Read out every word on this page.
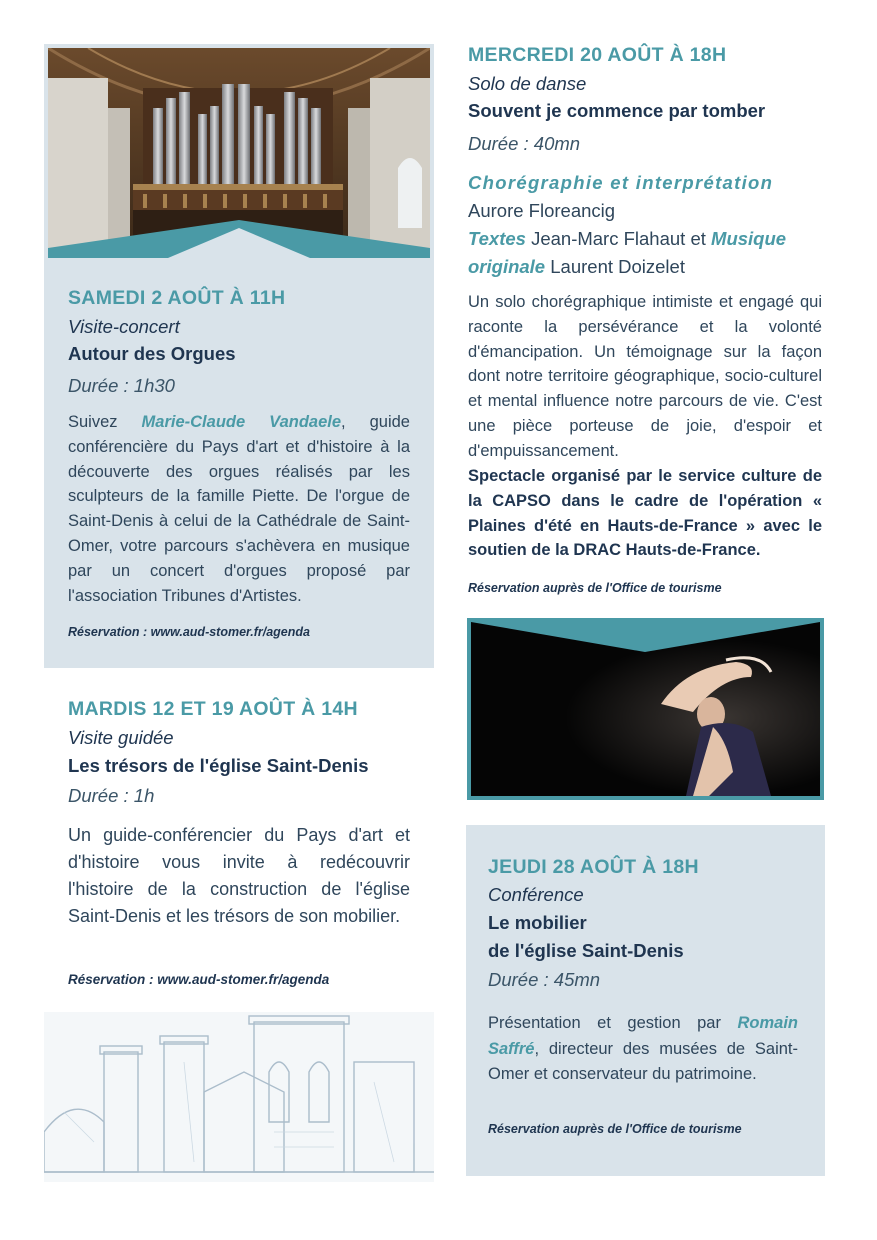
SAMEDI 2 AOÛT À 11H
Visite-concert
Autour des Orgues
Durée : 1h30
Suivez Marie-Claude Vandaele, guide conférencière du Pays d'art et d'histoire à la découverte des orgues réalisés par les sculpteurs de la famille Piette. De l'orgue de Saint-Denis à celui de la Cathédrale de Saint-Omer, votre parcours s'achèvera en musique par un concert d'orgues proposé par l'association Tribunes d'Artistes.
Réservation : www.aud-stomer.fr/agenda
MARDIS 12 ET 19 AOÛT À 14H
Visite guidée
Les trésors de l'église Saint-Denis
Durée : 1h
Un guide-conférencier du Pays d'art et d'histoire vous invite à redécouvrir l'histoire de la construction de l'église Saint-Denis et les trésors de son mobilier.
Réservation : www.aud-stomer.fr/agenda
MERCREDI 20 AOÛT À 18H
Solo de danse
Souvent je commence par tomber
Durée : 40mn
Chorégraphie et interprétation
Aurore Floreancig
Textes Jean-Marc Flahaut et Musique originale Laurent Doizelet
Un solo chorégraphique intimiste et engagé qui raconte la persévérance et la volonté d'émancipation. Un témoignage sur la façon dont notre territoire géographique, socio-culturel et mental influence notre parcours de vie. C'est une pièce porteuse de joie, d'espoir et d'empuissancement.
Spectacle organisé par le service culture de la CAPSO dans le cadre de l'opération « Plaines d'été en Hauts-de-France » avec le soutien de la DRAC Hauts-de-France.
Réservation auprès de l'Office de tourisme
JEUDI 28 AOÛT À 18H
Conférence
Le mobilier
de l'église Saint-Denis
Durée : 45mn
Présentation et gestion par Romain Saffré, directeur des musées de Saint-Omer et conservateur du patrimoine.
Réservation auprès de l'Office de tourisme
